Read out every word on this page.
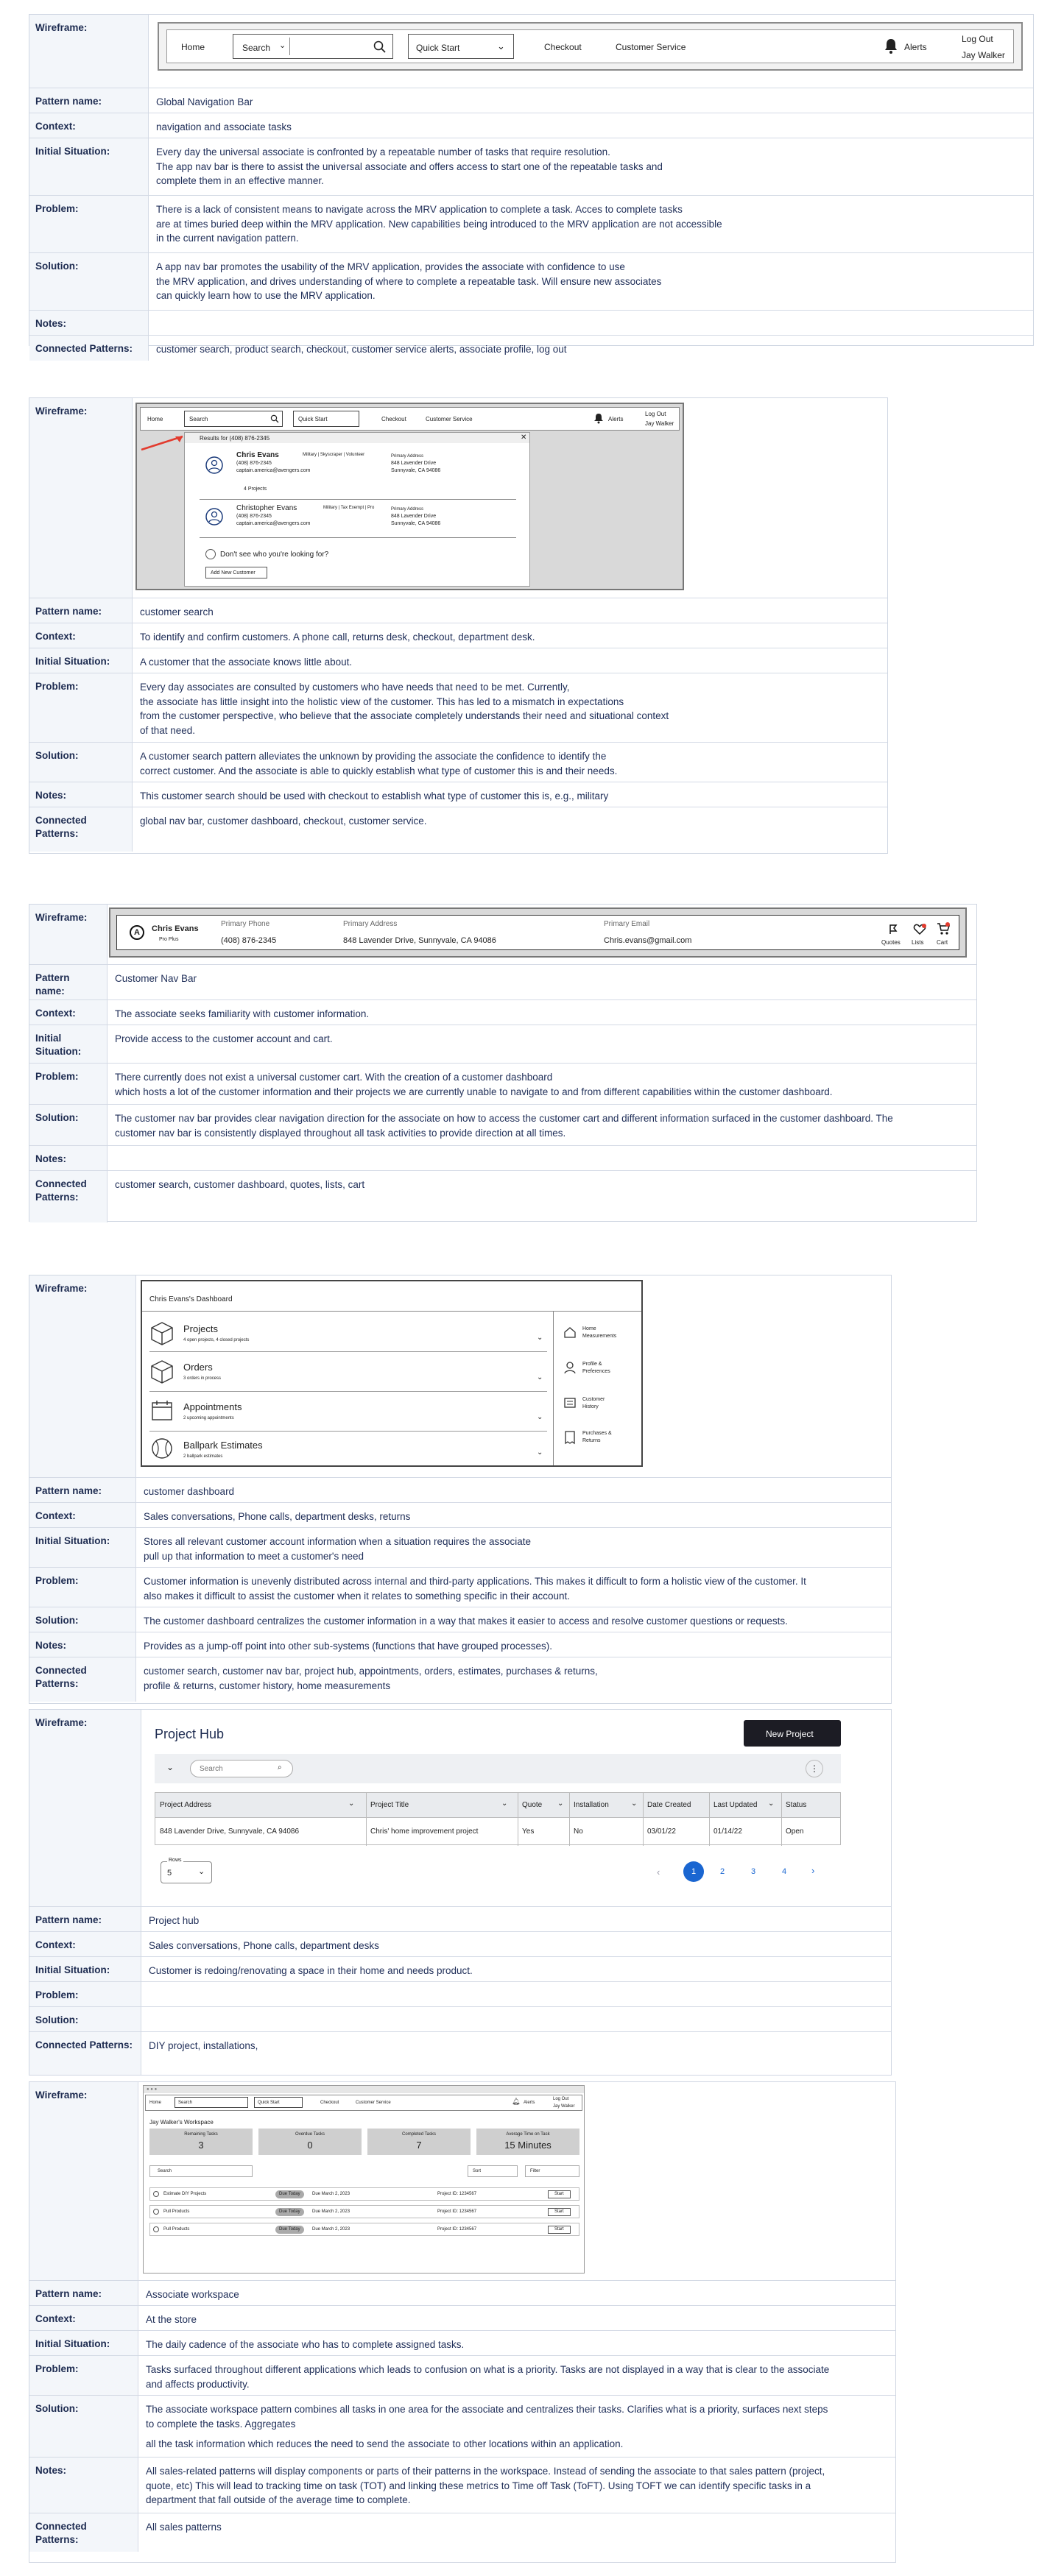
Wireframe:
Home	Search ⌄	Quick Start	⌄	Checkout	Customer Service	Alerts
Log Out
Jay Walker
Pattern name:	Global Navigation Bar
Context:	navigation and associate tasks
Initial Situation:	Every day the universal associate is confronted by a repeatable number of tasks that require resolution.
The app nav bar is there to assist the universal associate and offers access to start one of the repeatable tasks and
complete them in an effective manner.
Problem:	There is a lack of consistent means to navigate across the MRV application to complete a task. Acces to complete tasks
are at times buried deep within the MRV application. New capabilities being introduced to the MRV application are not accessible
in the current navigation pattern.
Solution:	A app nav bar promotes the usability of the MRV application, provides the associate with confidence to use
the MRV application, and drives understanding of where to complete a repeatable task. Will ensure new associates
can quickly learn how to use the MRV application.
Notes:
Connected Patterns:	customer search, product search, checkout, customer service alerts, associate profile, log out
Wireframe:
Home	Search	Quick Start	Checkout	Customer Service	Alerts
Log Out
Jay Walker
Results for (408) 876-2345	✕
Chris Evans	Military | Skyscraper | Volunteer
(408) 876-2345
captain.america@avengers.com
Primary Address
848 Lavender Drive
Sunnyvale, CA 94086
4 Projects
Christopher Evans	Military | Tax Exempt | Pro
(408) 876-2345
captain.america@avengers.com
Primary Address
848 Lavender Drive
Sunnyvale, CA 94086
Don't see who you're looking for?
Add New Customer
Pattern name:	customer search
Context:	To identify and confirm customers. A phone call, returns desk, checkout, department desk.
Initial Situation:	A customer that the associate knows little about.
Problem:	Every day associates are consulted by customers who have needs that need to be met. Currently,
the associate has little insight into the holistic view of the customer. This has led to a mismatch in expectations
from the customer perspective, who believe that the associate completely understands their need and situational context
of that need.
Solution:	A customer search pattern alleviates the unknown by providing the associate the confidence to identify the
correct customer. And the associate is able to quickly establish what type of customer this is and their needs.
Notes:	This customer search should be used with checkout to establish what type of customer this is, e.g., military
Connected Patterns:
global nav bar, customer dashboard, checkout, customer service.
Wireframe:
A	Chris Evans
Pro Plus
Primary Phone
(408) 876-2345
Primary Address
848 Lavender Drive, Sunnyvale, CA 94086
Primary Email
Chris.evans@gmail.com	Quotes Lists Cart
Pattern name:
Customer Nav Bar
Context:	The associate seeks familiarity with customer information.
Initial Situation:
Provide access to the customer account and cart.
Problem:	There currently does not exist a universal customer cart. With the creation of a customer dashboard
which hosts a lot of the customer information and their projects we are currently unable to navigate to and from different capabilities within the customer dashboard.
Solution:	The customer nav bar provides clear navigation direction for the associate on how to access the customer cart and different information surfaced in the customer dashboard. The
customer nav bar is consistently displayed throughout all task activities to provide direction at all times.
Notes:
Connected Patterns:
customer search, customer dashboard, quotes, lists, cart
Wireframe:
Chris Evans's Dashboard
Projects
4 open projects, 4 closed projects	⌄
Orders
3 orders in process	⌄
Appointments
2 upcoming appointments	⌄
Ballpark Estimates
2 ballpark estimates	⌄
Home
Measurements
Profile &
Preferences
Customer
History
Purchases &
Returns
Pattern name:	customer dashboard
Context:	Sales conversations, Phone calls, department desks, returns
Initial Situation:	Stores all relevant customer account information when a situation requires the associate
pull up that information to meet a customer's need
Problem:	Customer information is unevenly distributed across internal and third-party applications. This makes it difficult to form a holistic view of the customer. It
also makes it difficult to assist the customer when it relates to something specific in their account.
Solution:	The customer dashboard centralizes the customer information in a way that makes it easier to access and resolve customer questions or requests.
Notes:	Provides as a jump-off point into other sub-systems (functions that have grouped processes).
Connected Patterns:
customer search, customer nav bar, project hub, appointments, orders, estimates, purchases & returns,
profile & returns, customer history, home measurements
Wireframe:
Project Hub	New Project
⌄	Search	⌕	⋮
Project Address	⌄ Project Title	⌄ Quote ⌄ Installation	⌄ Date Created	Last Updated ⌄ Status
848 Lavender Drive, Sunnyvale, CA 94086	Chris' home improvement project	Yes	No	03/01/22	01/14/22	Open
Rows
5	⌄	‹	1	2	3	4	›
Pattern name:	Project hub
Context:	Sales conversations, Phone calls, department desks
Initial Situation:	Customer is redoing/renovating a space in their home and needs product.
Problem:
Solution:
Connected Patterns:	DIY project, installations,
Wireframe:	● ● ●
Home	Search	Quick Start	Checkout	Customer Service	🔔︎ Alerts
Log Out
Jay Walker
Jay Walker's Workspace
Remaining Tasks
3
Overdue Tasks
0
Completed Tasks
7
Average Time on Task
15 Minutes
Search	Sort	Filter
Estimate DIY Projects	Due Today	Due March 2, 2023	Project ID: 1234567	Start
Pull Products	Due Today	Due March 2, 2023	Project ID: 1234567	Start
Pull Products	Due Today	Due March 2, 2023	Project ID: 1234567	Start
Pattern name:	Associate workspace
Context:	At the store
Initial Situation:	The daily cadence of the associate who has to complete assigned tasks.
Problem:	Tasks surfaced throughout different applications which leads to confusion on what is a priority. Tasks are not displayed in a way that is clear to the associate
and affects productivity.
Solution:	The associate workspace pattern combines all tasks in one area for the associate and centralizes their tasks. Clarifies what is a priority, surfaces next steps
to complete the tasks. Aggregates
all the task information which reduces the need to send the associate to other locations within an application.
Notes:	All sales-related patterns will display components or parts of their patterns in the workspace. Instead of sending the associate to that sales pattern (project,
quote, etc) This will lead to tracking time on task (TOT) and linking these metrics to Time off Task (ToFT). Using TOFT we can identify specific tasks in a
department that fall outside of the average time to complete.
Connected Patterns:
All sales patterns
